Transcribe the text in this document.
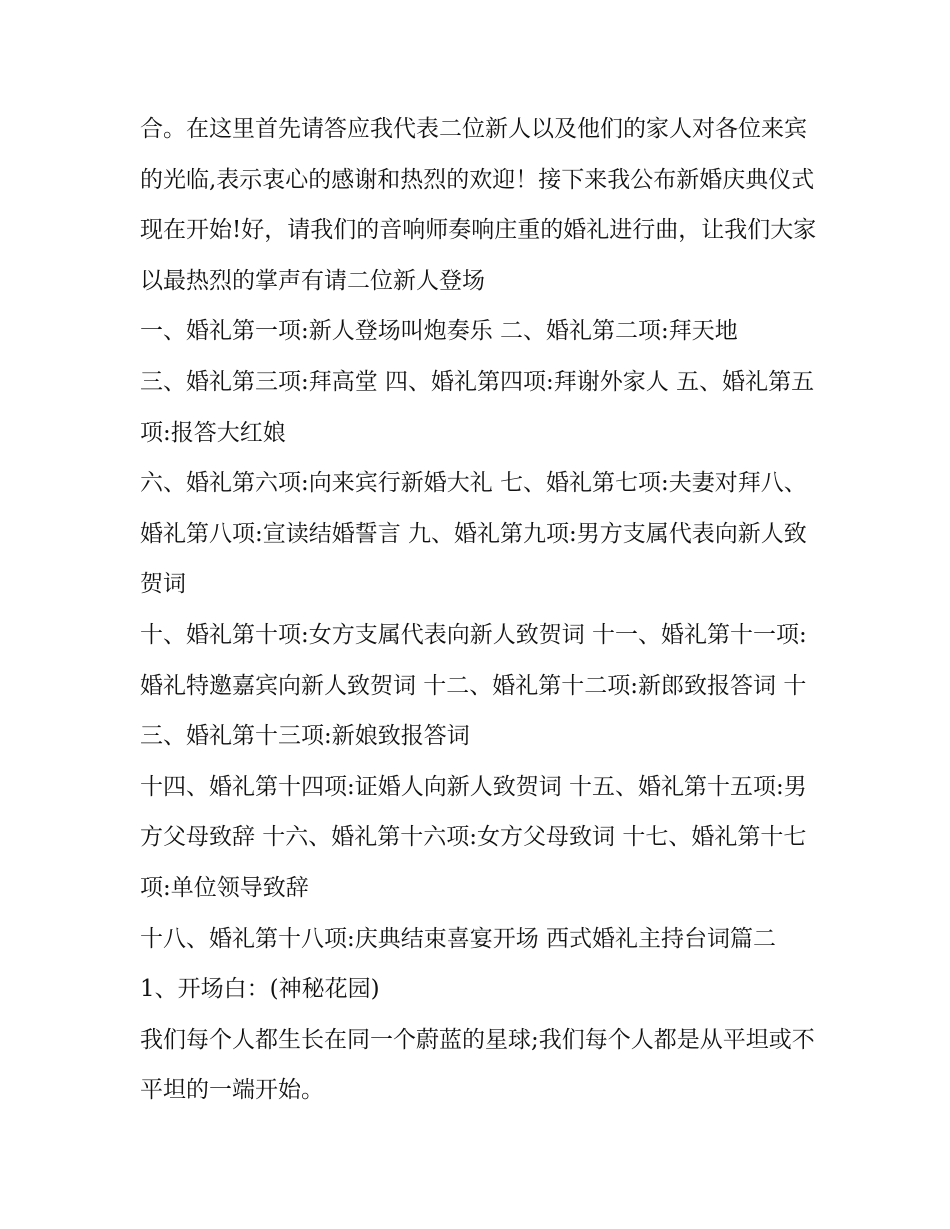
合。在这里首先请答应我代表二位新人以及他们的家人对各位来宾的光临,表示衷心的感谢和热烈的欢迎！接下来我公布新婚庆典仪式现在开始!好，请我们的音响师奏响庄重的婚礼进行曲，让我们大家以最热烈的掌声有请二位新人登场

一、婚礼第一项:新人登场叫炮奏乐 二、婚礼第二项:拜天地

三、婚礼第三项:拜高堂 四、婚礼第四项:拜谢外家人 五、婚礼第五项:报答大红娘

六、婚礼第六项:向来宾行新婚大礼 七、婚礼第七项:夫妻对拜八、婚礼第八项:宣读结婚誓言 九、婚礼第九项:男方支属代表向新人致贺词

十、婚礼第十项:女方支属代表向新人致贺词 十一、婚礼第十一项:婚礼特邀嘉宾向新人致贺词 十二、婚礼第十二项:新郎致报答词 十三、婚礼第十三项:新娘致报答词

十四、婚礼第十四项:证婚人向新人致贺词 十五、婚礼第十五项:男方父母致辞 十六、婚礼第十六项:女方父母致词 十七、婚礼第十七项:单位领导致辞

十八、婚礼第十八项:庆典结束喜宴开场 西式婚礼主持台词篇二 1、开场白：(神秘花园)

我们每个人都生长在同一个蔚蓝的星球;我们每个人都是从平坦或不平坦的一端开始。
